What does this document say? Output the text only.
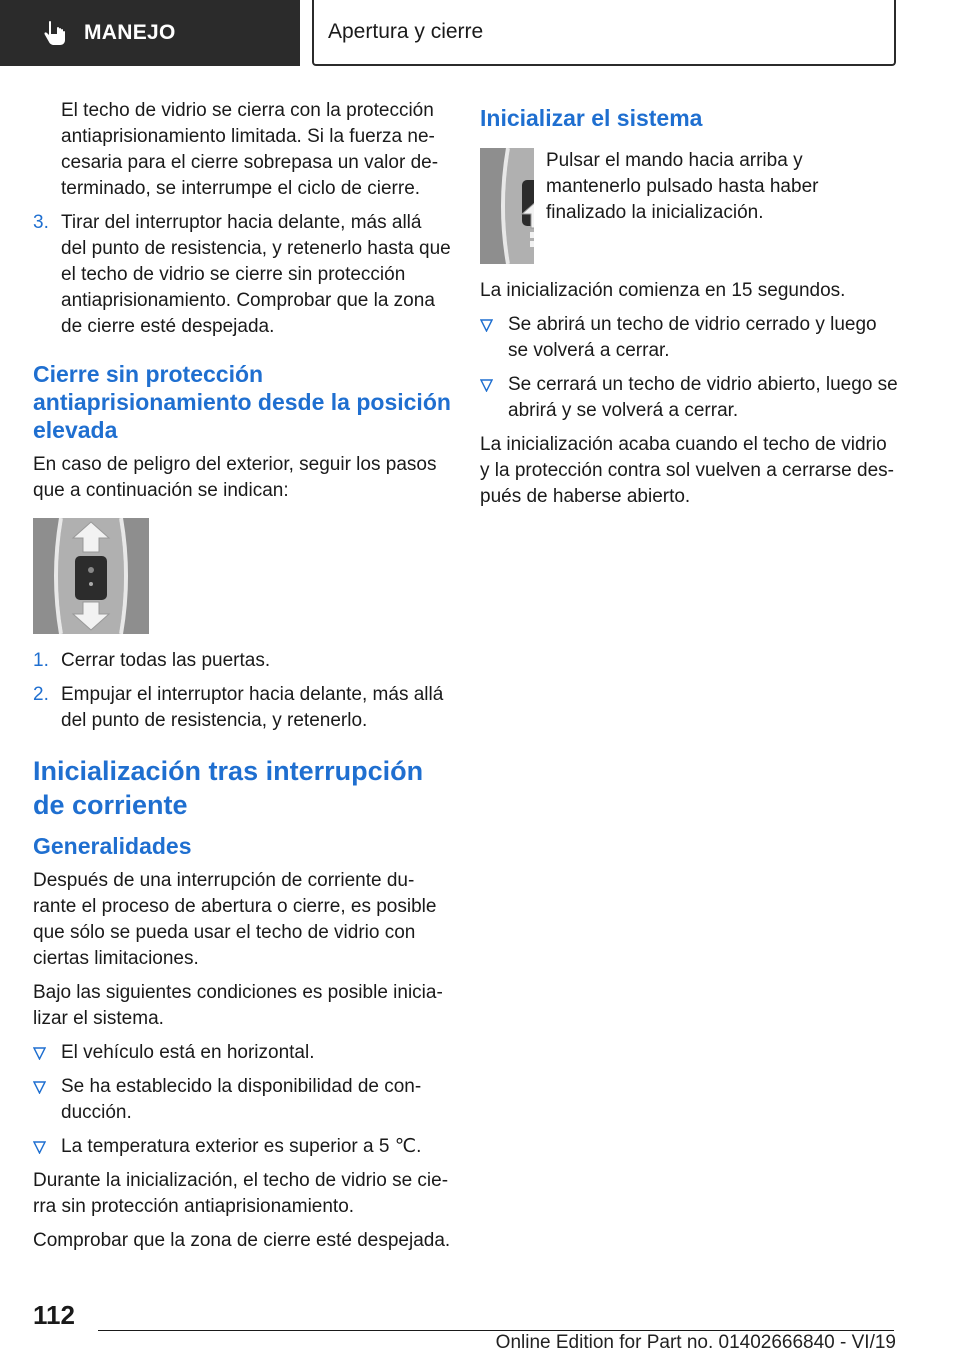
MANEJO	Apertura y cierre

El techo de vidrio se cierra con la protección antiaprisionamiento limitada. Si la fuerza necesaria para el cierre sobrepasa un valor determinado, se interrumpe el ciclo de cierre.

3. Tirar del interruptor hacia delante, más allá del punto de resistencia, y retenerlo hasta que el techo de vidrio se cierre sin protección antiaprisionamiento. Comprobar que la zona de cierre esté despejada.
Cierre sin protección antiaprisionamiento desde la posición elevada

En caso de peligro del exterior, seguir los pasos que a continuación se indican:

1. Cerrar todas las puertas.
2. Empujar el interruptor hacia delante, más allá del punto de resistencia, y retenerlo.
Inicialización tras interrupción de corriente
Generalidades

Después de una interrupción de corriente durante el proceso de abertura o cierre, es posible que sólo se pueda usar el techo de vidrio con ciertas limitaciones.

Bajo las siguientes condiciones es posible inicializar el sistema.

El vehículo está en horizontal.
Se ha establecido la disponibilidad de conducción.
La temperatura exterior es superior a 5 ℃.

Durante la inicialización, el techo de vidrio se cierra sin protección antiaprisionamiento.

Comprobar que la zona de cierre esté despejada.

Inicializar el sistema

Pulsar el mando hacia arriba y mantenerlo pulsado hasta haber finalizado la inicialización.

La inicialización comienza en 15 segundos.

Se abrirá un techo de vidrio cerrado y luego se volverá a cerrar.
Se cerrará un techo de vidrio abierto, luego se abrirá y se volverá a cerrar.

La inicialización acaba cuando el techo de vidrio y la protección contra sol vuelven a cerrarse después de haberse abierto.

112
Online Edition for Part no. 01402666840 - VI/19
